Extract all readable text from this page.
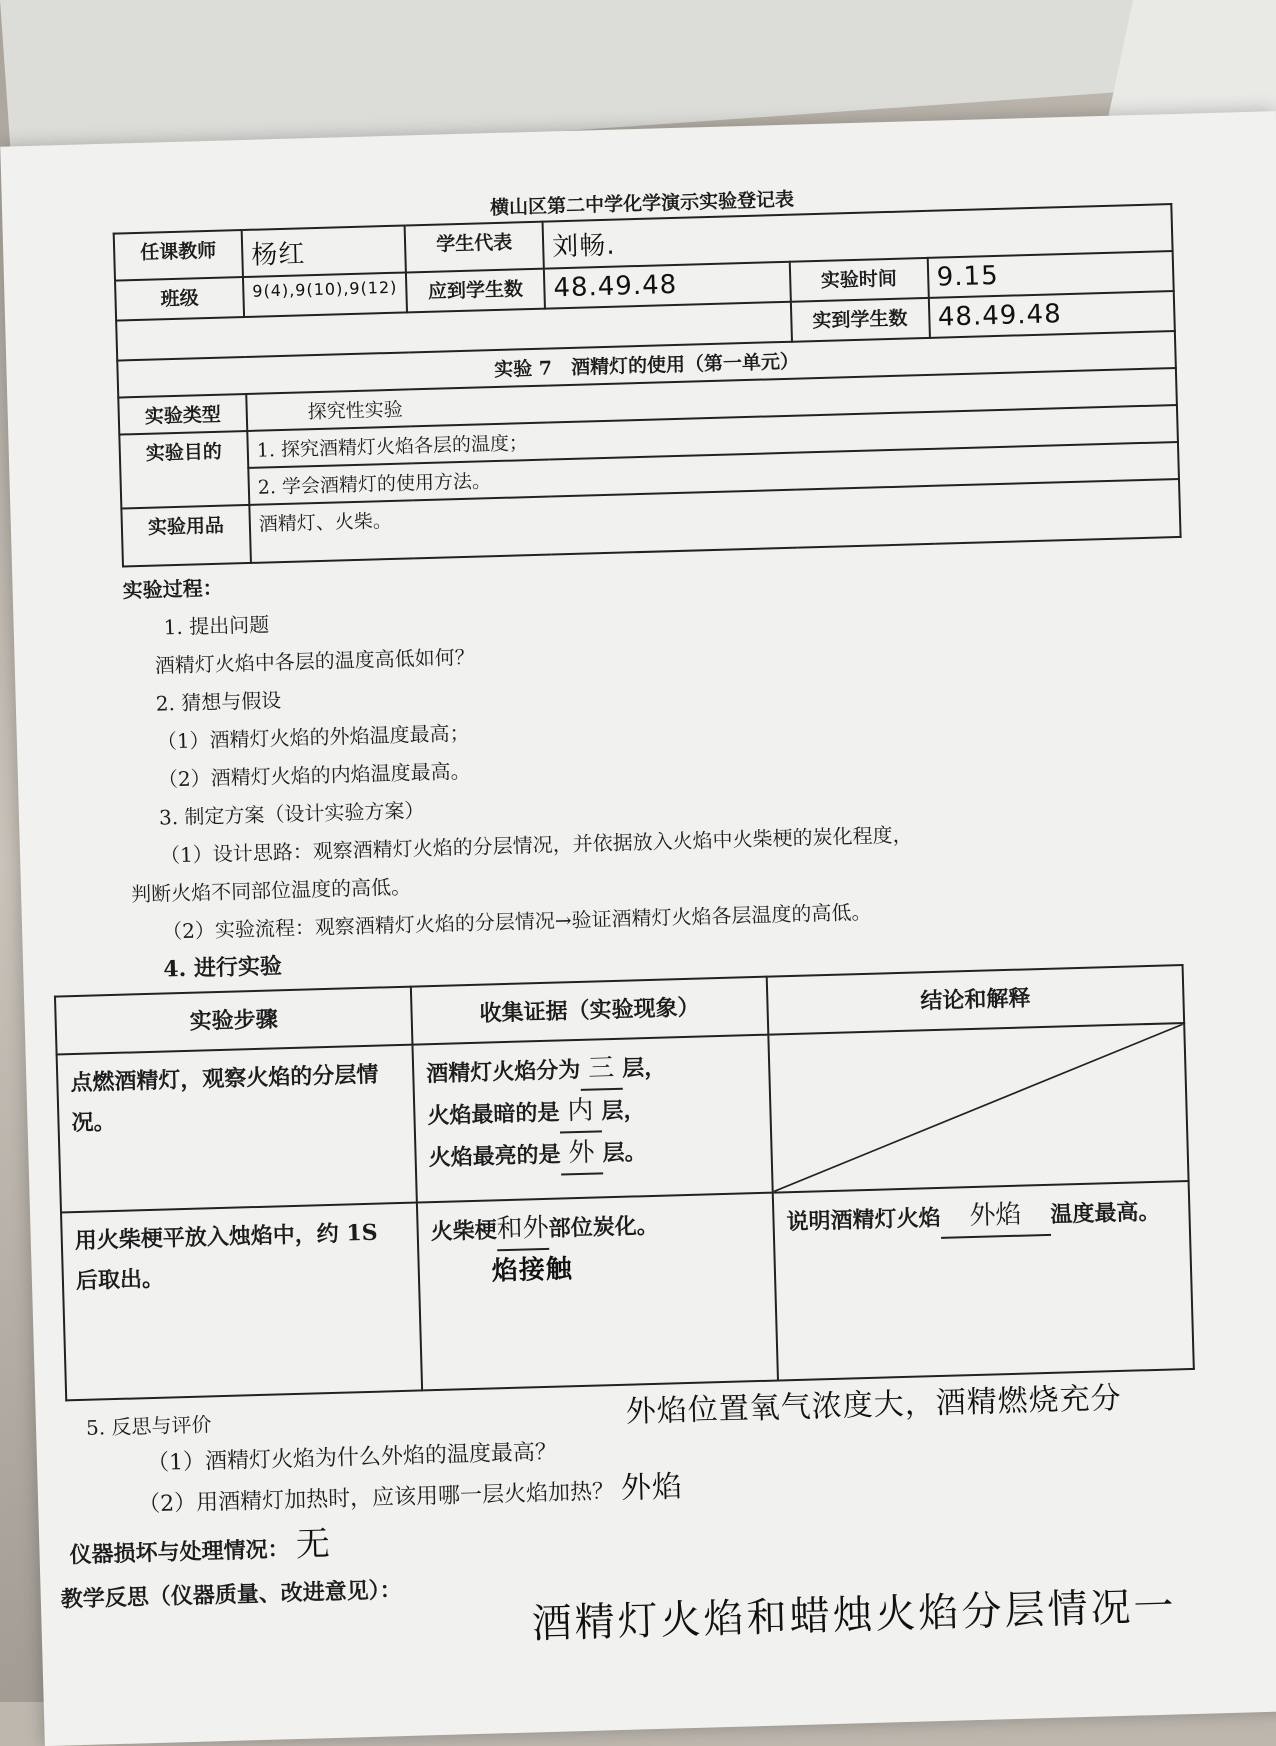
横山区第二中学化学演示实验登记表
任课教师	杨红	学生代表	刘畅.		
班级	9(4),9(10),9(12)	应到学生数	48.49.48	实验时间	9.15
				实到学生数	48.49.48
实验 7　酒精灯的使用（第一单元）					
实验类型	探究性实验				
实验目的	1. 探究酒精灯火焰各层的温度；				
	2. 学会酒精灯的使用方法。				
实验用品	酒精灯、火柴。				
实验过程：
1. 提出问题
酒精灯火焰中各层的温度高低如何？
2. 猜想与假设
（1）酒精灯火焰的外焰温度最高；
（2）酒精灯火焰的内焰温度最高。
3. 制定方案（设计实验方案）
（1）设计思路：观察酒精灯火焰的分层情况，并依据放入火焰中火柴梗的炭化程度，
判断火焰不同部位温度的高低。
（2）实验流程：观察酒精灯火焰的分层情况→验证酒精灯火焰各层温度的高低。
4. 进行实验
实验步骤	收集证据（实验现象）	结论和解释
点燃酒精灯，观察火焰的分层情况。	酒精灯火焰分为 三 层，
火焰最暗的是 内 层，
火焰最亮的是 外 层。

用火柴梗平放入烛焰中，约 1S 后取出。	火柴梗和外部位炭化。
焰接触	说明酒精灯火焰 外焰 温度最高。
5. 反思与评价	外焰位置氧气浓度大，酒精燃烧充分
（1）酒精灯火焰为什么外焰的温度最高？
（2）用酒精灯加热时，应该用哪一层火焰加热？ 外焰
仪器损坏与处理情况： 无
教学反思（仪器质量、改进意见）：	酒精灯火焰和蜡烛火焰分层情况一
